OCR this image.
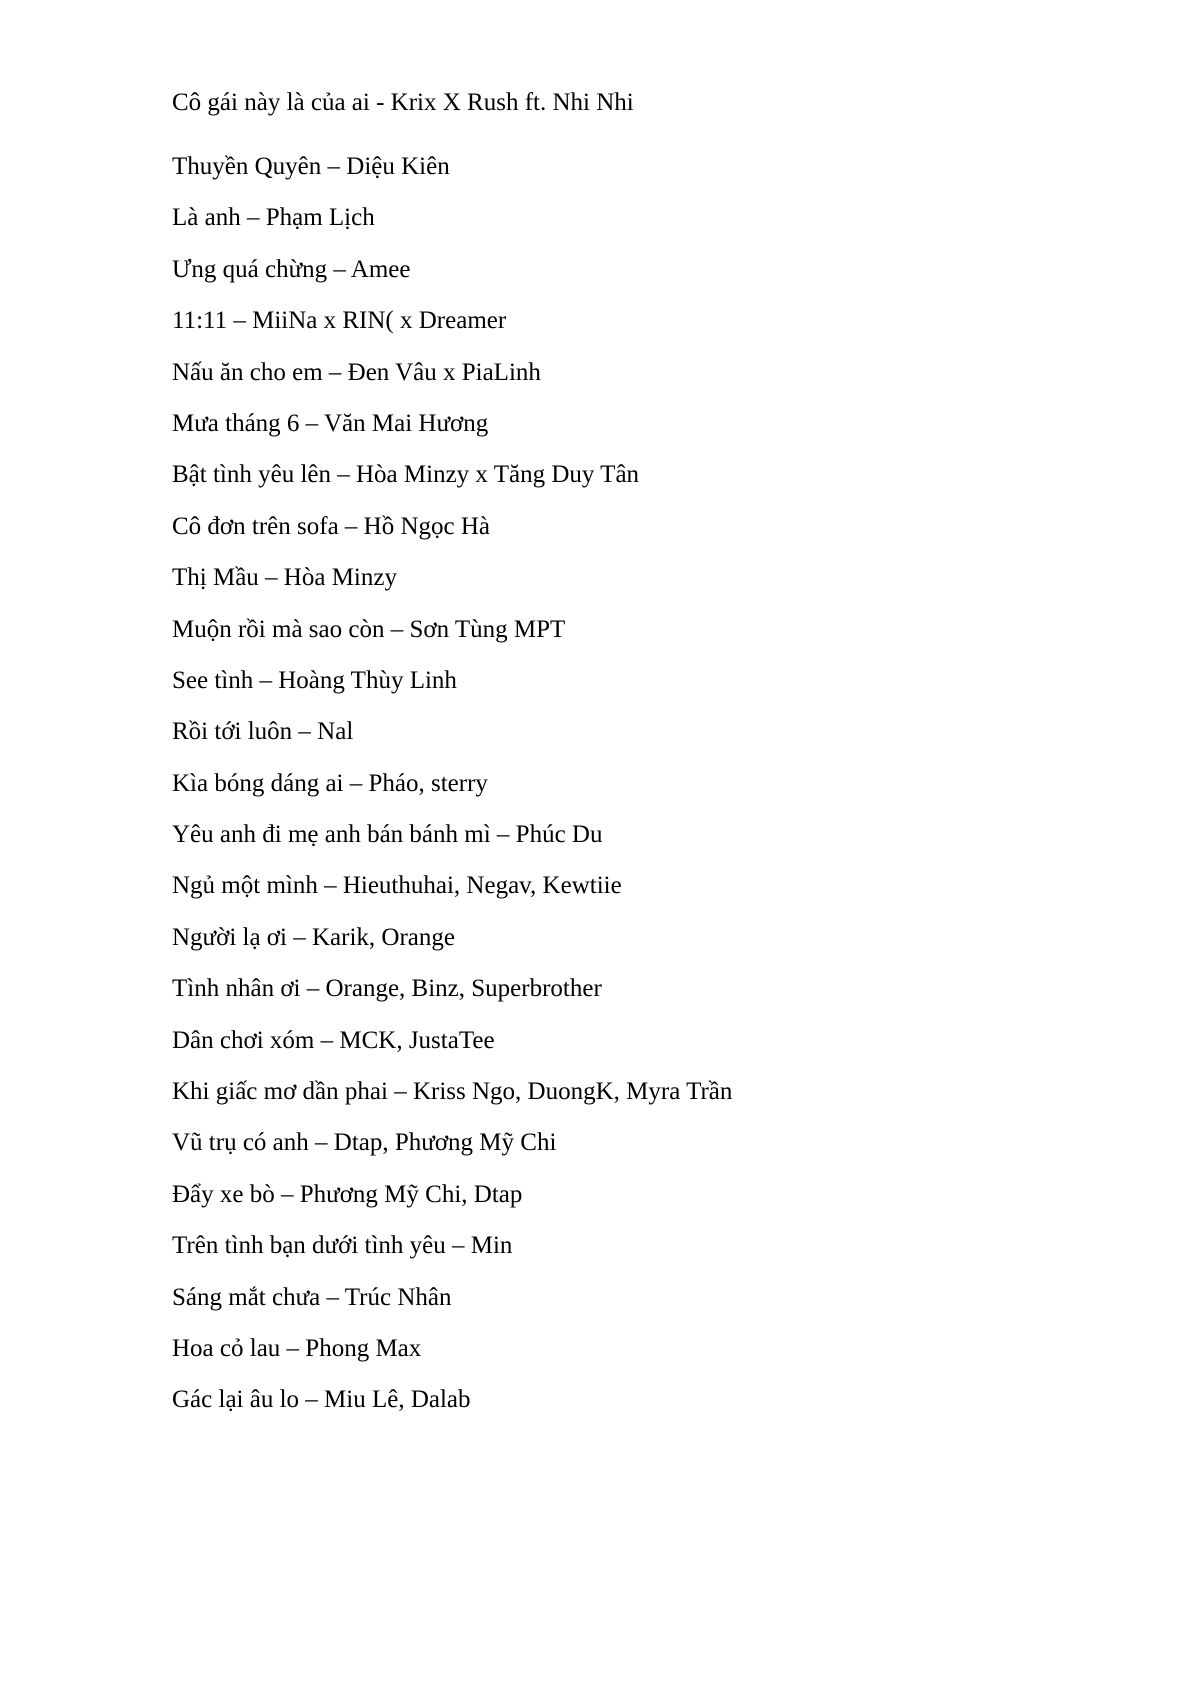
Cô gái này là của ai - Krix X Rush ft. Nhi Nhi
Thuyền Quyên – Diệu Kiên
Là anh – Phạm Lịch
Ưng quá chừng – Amee
11:11 – MiiNa x RIN( x Dreamer
Nấu ăn cho em – Đen Vâu x PiaLinh
Mưa tháng 6 – Văn Mai Hương
Bật tình yêu lên – Hòa Minzy x Tăng Duy Tân
Cô đơn trên sofa – Hồ Ngọc Hà
Thị Mầu – Hòa Minzy
Muộn rồi mà sao còn – Sơn Tùng MPT
See tình – Hoàng Thùy Linh
Rồi tới luôn – Nal
Kìa bóng dáng ai – Pháo, sterry
Yêu anh đi mẹ anh bán bánh mì – Phúc Du
Ngủ một mình – Hieuthuhai, Negav, Kewtiie
Người lạ ơi – Karik, Orange
Tình nhân ơi – Orange, Binz, Superbrother
Dân chơi xóm – MCK, JustaTee
Khi giấc mơ dần phai – Kriss Ngo, DuongK, Myra Trần
Vũ trụ có anh – Dtap, Phương Mỹ Chi
Đẩy xe bò – Phương Mỹ Chi, Dtap
Trên tình bạn dưới tình yêu – Min
Sáng mắt chưa – Trúc Nhân
Hoa cỏ lau – Phong Max
Gác lại âu lo – Miu Lê, Dalab
